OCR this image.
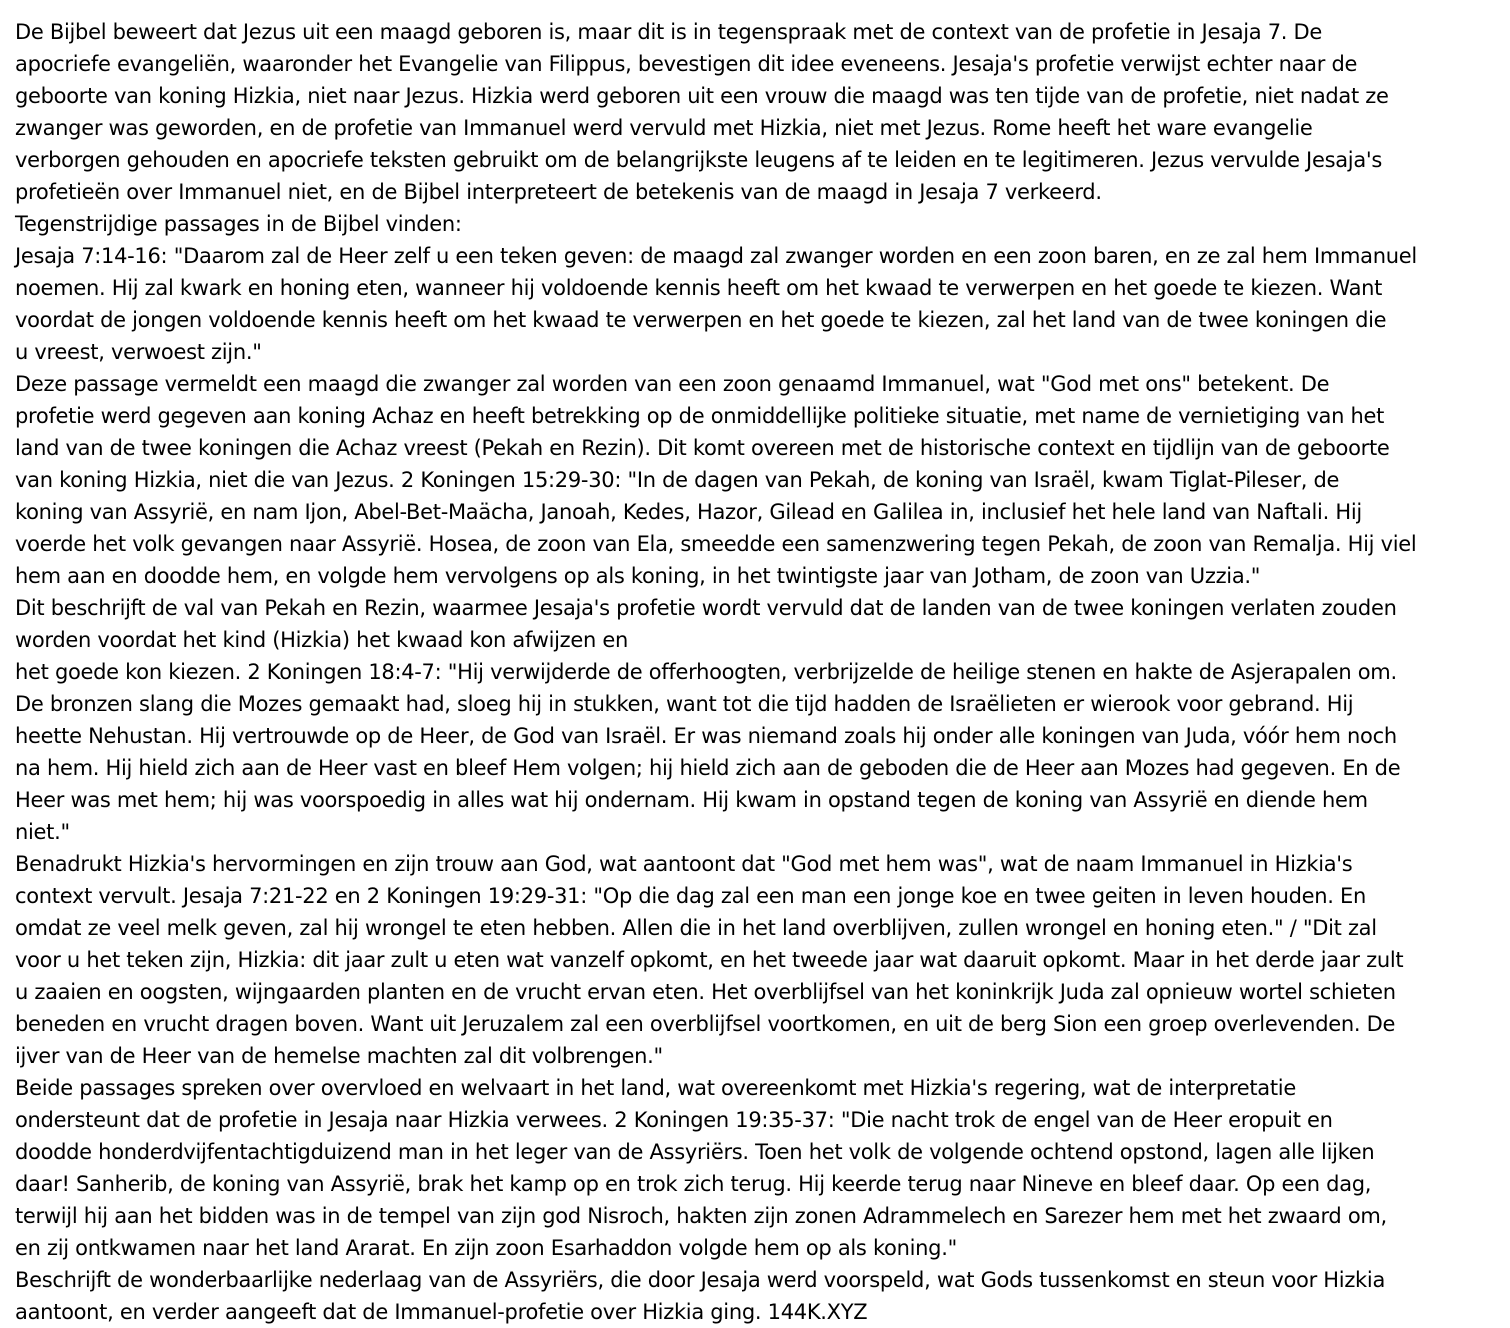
De Bijbel beweert dat Jezus uit een maagd geboren is, maar dit is in tegenspraak met de context van de profetie in Jesaja 7. De
apocriefe evangeliën, waaronder het Evangelie van Filippus, bevestigen dit idee eveneens. Jesaja's profetie verwijst echter naar de
geboorte van koning Hizkia, niet naar Jezus. Hizkia werd geboren uit een vrouw die maagd was ten tijde van de profetie, niet nadat ze
zwanger was geworden, en de profetie van Immanuel werd vervuld met Hizkia, niet met Jezus. Rome heeft het ware evangelie
verborgen gehouden en apocriefe teksten gebruikt om de belangrijkste leugens af te leiden en te legitimeren. Jezus vervulde Jesaja's
profetieën over Immanuel niet, en de Bijbel interpreteert de betekenis van de maagd in Jesaja 7 verkeerd.
Tegenstrijdige passages in de Bijbel vinden:
Jesaja 7:14-16: "Daarom zal de Heer zelf u een teken geven: de maagd zal zwanger worden en een zoon baren, en ze zal hem Immanuel
noemen. Hij zal kwark en honing eten, wanneer hij voldoende kennis heeft om het kwaad te verwerpen en het goede te kiezen. Want
voordat de jongen voldoende kennis heeft om het kwaad te verwerpen en het goede te kiezen, zal het land van de twee koningen die
u vreest, verwoest zijn."
Deze passage vermeldt een maagd die zwanger zal worden van een zoon genaamd Immanuel, wat "God met ons" betekent. De
profetie werd gegeven aan koning Achaz en heeft betrekking op de onmiddellijke politieke situatie, met name de vernietiging van het
land van de twee koningen die Achaz vreest (Pekah en Rezin). Dit komt overeen met de historische context en tijdlijn van de geboorte
van koning Hizkia, niet die van Jezus. 2 Koningen 15:29-30: "In de dagen van Pekah, de koning van Israël, kwam Tiglat-Pileser, de
koning van Assyrië, en nam Ijon, Abel-Bet-Maächa, Janoah, Kedes, Hazor, Gilead en Galilea in, inclusief het hele land van Naftali. Hij
voerde het volk gevangen naar Assyrië. Hosea, de zoon van Ela, smeedde een samenzwering tegen Pekah, de zoon van Remalja. Hij viel
hem aan en doodde hem, en volgde hem vervolgens op als koning, in het twintigste jaar van Jotham, de zoon van Uzzia."
Dit beschrijft de val van Pekah en Rezin, waarmee Jesaja's profetie wordt vervuld dat de landen van de twee koningen verlaten zouden
worden voordat het kind (Hizkia) het kwaad kon afwijzen en
het goede kon kiezen. 2 Koningen 18:4-7: "Hij verwijderde de offerhoogten, verbrijzelde de heilige stenen en hakte de Asjerapalen om.
De bronzen slang die Mozes gemaakt had, sloeg hij in stukken, want tot die tijd hadden de Israëlieten er wierook voor gebrand. Hij
heette Nehustan. Hij vertrouwde op de Heer, de God van Israël. Er was niemand zoals hij onder alle koningen van Juda, vóór hem noch
na hem. Hij hield zich aan de Heer vast en bleef Hem volgen; hij hield zich aan de geboden die de Heer aan Mozes had gegeven. En de
Heer was met hem; hij was voorspoedig in alles wat hij ondernam. Hij kwam in opstand tegen de koning van Assyrië en diende hem
niet."
Benadrukt Hizkia's hervormingen en zijn trouw aan God, wat aantoont dat "God met hem was", wat de naam Immanuel in Hizkia's
context vervult. Jesaja 7:21-22 en 2 Koningen 19:29-31: "Op die dag zal een man een jonge koe en twee geiten in leven houden. En
omdat ze veel melk geven, zal hij wrongel te eten hebben. Allen die in het land overblijven, zullen wrongel en honing eten." / "Dit zal
voor u het teken zijn, Hizkia: dit jaar zult u eten wat vanzelf opkomt, en het tweede jaar wat daaruit opkomt. Maar in het derde jaar zult
u zaaien en oogsten, wijngaarden planten en de vrucht ervan eten. Het overblijfsel van het koninkrijk Juda zal opnieuw wortel schieten
beneden en vrucht dragen boven. Want uit Jeruzalem zal een overblijfsel voortkomen, en uit de berg Sion een groep overlevenden. De
ijver van de Heer van de hemelse machten zal dit volbrengen."
Beide passages spreken over overvloed en welvaart in het land, wat overeenkomt met Hizkia's regering, wat de interpretatie
ondersteunt dat de profetie in Jesaja naar Hizkia verwees. 2 Koningen 19:35-37: "Die nacht trok de engel van de Heer eropuit en
doodde honderdvijfentachtigduizend man in het leger van de Assyriërs. Toen het volk de volgende ochtend opstond, lagen alle lijken
daar! Sanherib, de koning van Assyrië, brak het kamp op en trok zich terug. Hij keerde terug naar Nineve en bleef daar. Op een dag,
terwijl hij aan het bidden was in de tempel van zijn god Nisroch, hakten zijn zonen Adrammelech en Sarezer hem met het zwaard om,
en zij ontkwamen naar het land Ararat. En zijn zoon Esarhaddon volgde hem op als koning."
Beschrijft de wonderbaarlijke nederlaag van de Assyriërs, die door Jesaja werd voorspeld, wat Gods tussenkomst en steun voor Hizkia
aantoont, en verder aangeeft dat de Immanuel-profetie over Hizkia ging. 144K.XYZ
